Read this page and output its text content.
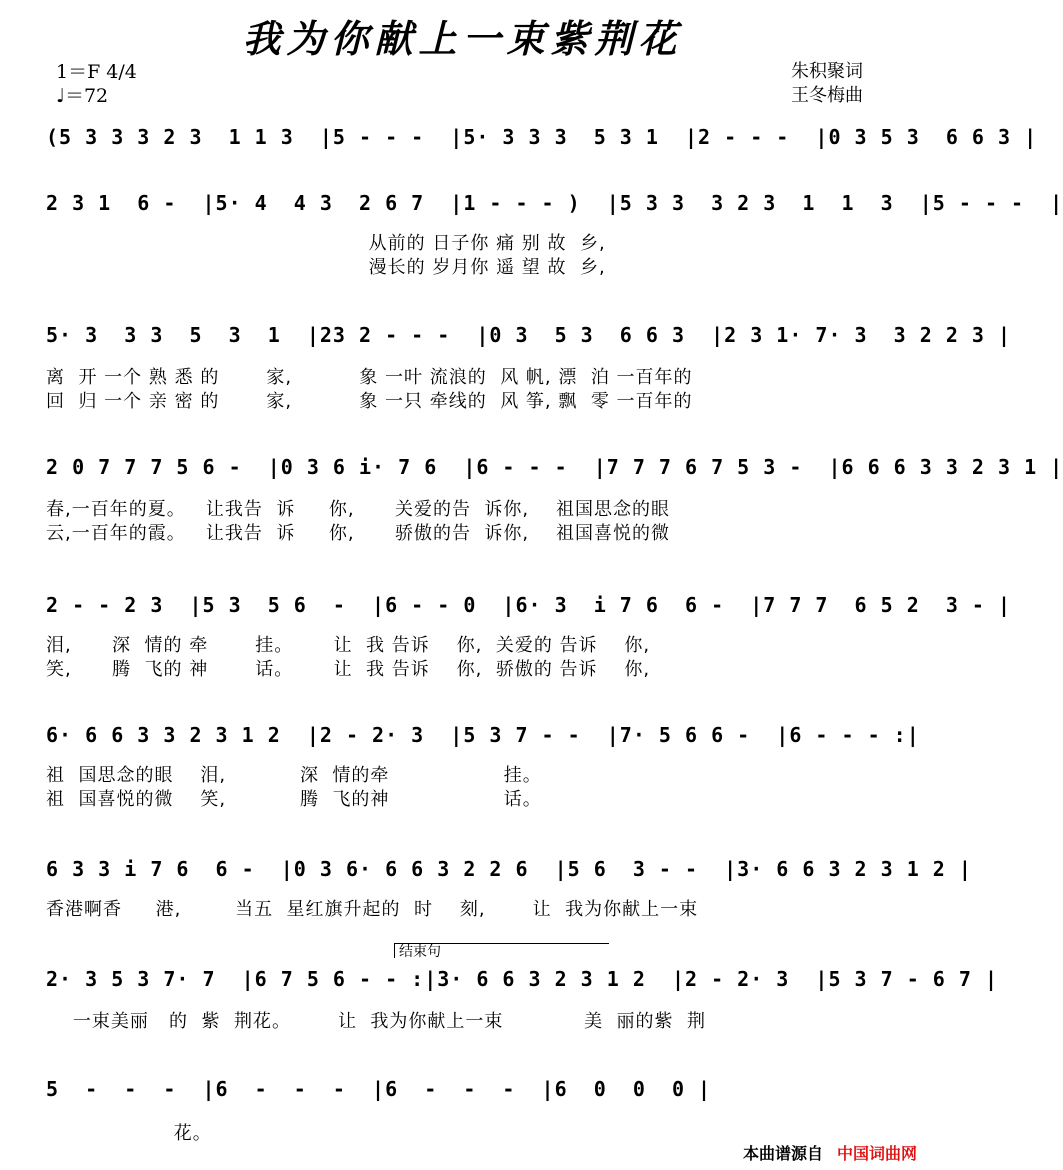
我为你献上一束紫荆花
1＝F 4/4
♩＝72
朱积聚词
王冬梅曲
(5 3 3 3 2 3  1 1 3  |5 - - -  |5· 3 3 3  5 3 1  |2 - - -  |0 3 5 3  6 6 3 |
2 3 1  6 -  |5· 4  4 3  2 6 7  |1 - - - )  |5 3 3  3 2 3  1  1  3  |5 - - -  |
从前的 日子你 痛 别 故  乡,
漫长的 岁月你 遥 望 故  乡,
5· 3  3 3  5  3  1  |23 2 - - -  |0 3  5 3  6 6 3  |2 3 1· 7· 3  3 2 2 3 |
离  开 一个 熟 悉 的       家,          象 一叶 流浪的  风 帆, 漂  泊 一百年的
回  归 一个 亲 密 的       家,          象 一只 牵线的  风 筝, 飘  零 一百年的
2 0 7 7 7 5 6 -  |0 3 6 i· 7 6  |6 - - -  |7 7 7 6 7 5 3 -  |6 6 6 3 3 2 3 1 |
春,一百年的夏。   让我告  诉     你,      关爱的告  诉你,    祖国思念的眼
云,一百年的霞。   让我告  诉     你,      骄傲的告  诉你,    祖国喜悦的微
2 - - 2 3  |5 3  5 6  -  |6 - - 0  |6· 3  i 7 6  6 -  |7 7 7  6 5 2  3 - |
泪,      深  情的 牵       挂。      让  我 告诉    你,  关爱的 告诉    你,
笑,      腾  飞的 神       话。      让  我 告诉    你,  骄傲的 告诉    你,
6· 6 6 3 3 2 3 1 2  |2 - 2· 3  |5 3 7 - -  |7· 5 6 6 -  |6 - - - :|
祖  国思念的眼    泪,           深  情的牵                 挂。
祖  国喜悦的微    笑,           腾  飞的神                 话。
6 3 3 i 7 6  6 -  |0 3 6· 6 6 3 2 2 6  |5 6  3 - -  |3· 6 6 3 2 3 1 2 |
香港啊香     港,        当五  星红旗升起的  时    刻,       让  我为你献上一束
结束句
2· 3 5 3 7· 7  |6 7 5 6 - - :|3· 6 6 3 2 3 1 2  |2 - 2· 3  |5 3 7 - 6 7 |
一束美丽   的  紫  荆花。       让  我为你献上一束            美  丽的紫  荆
5  -  -  -  |6  -  -  -  |6  -  -  -  |6  0  0  0 |
花。
本曲谱源自 中国词曲网
